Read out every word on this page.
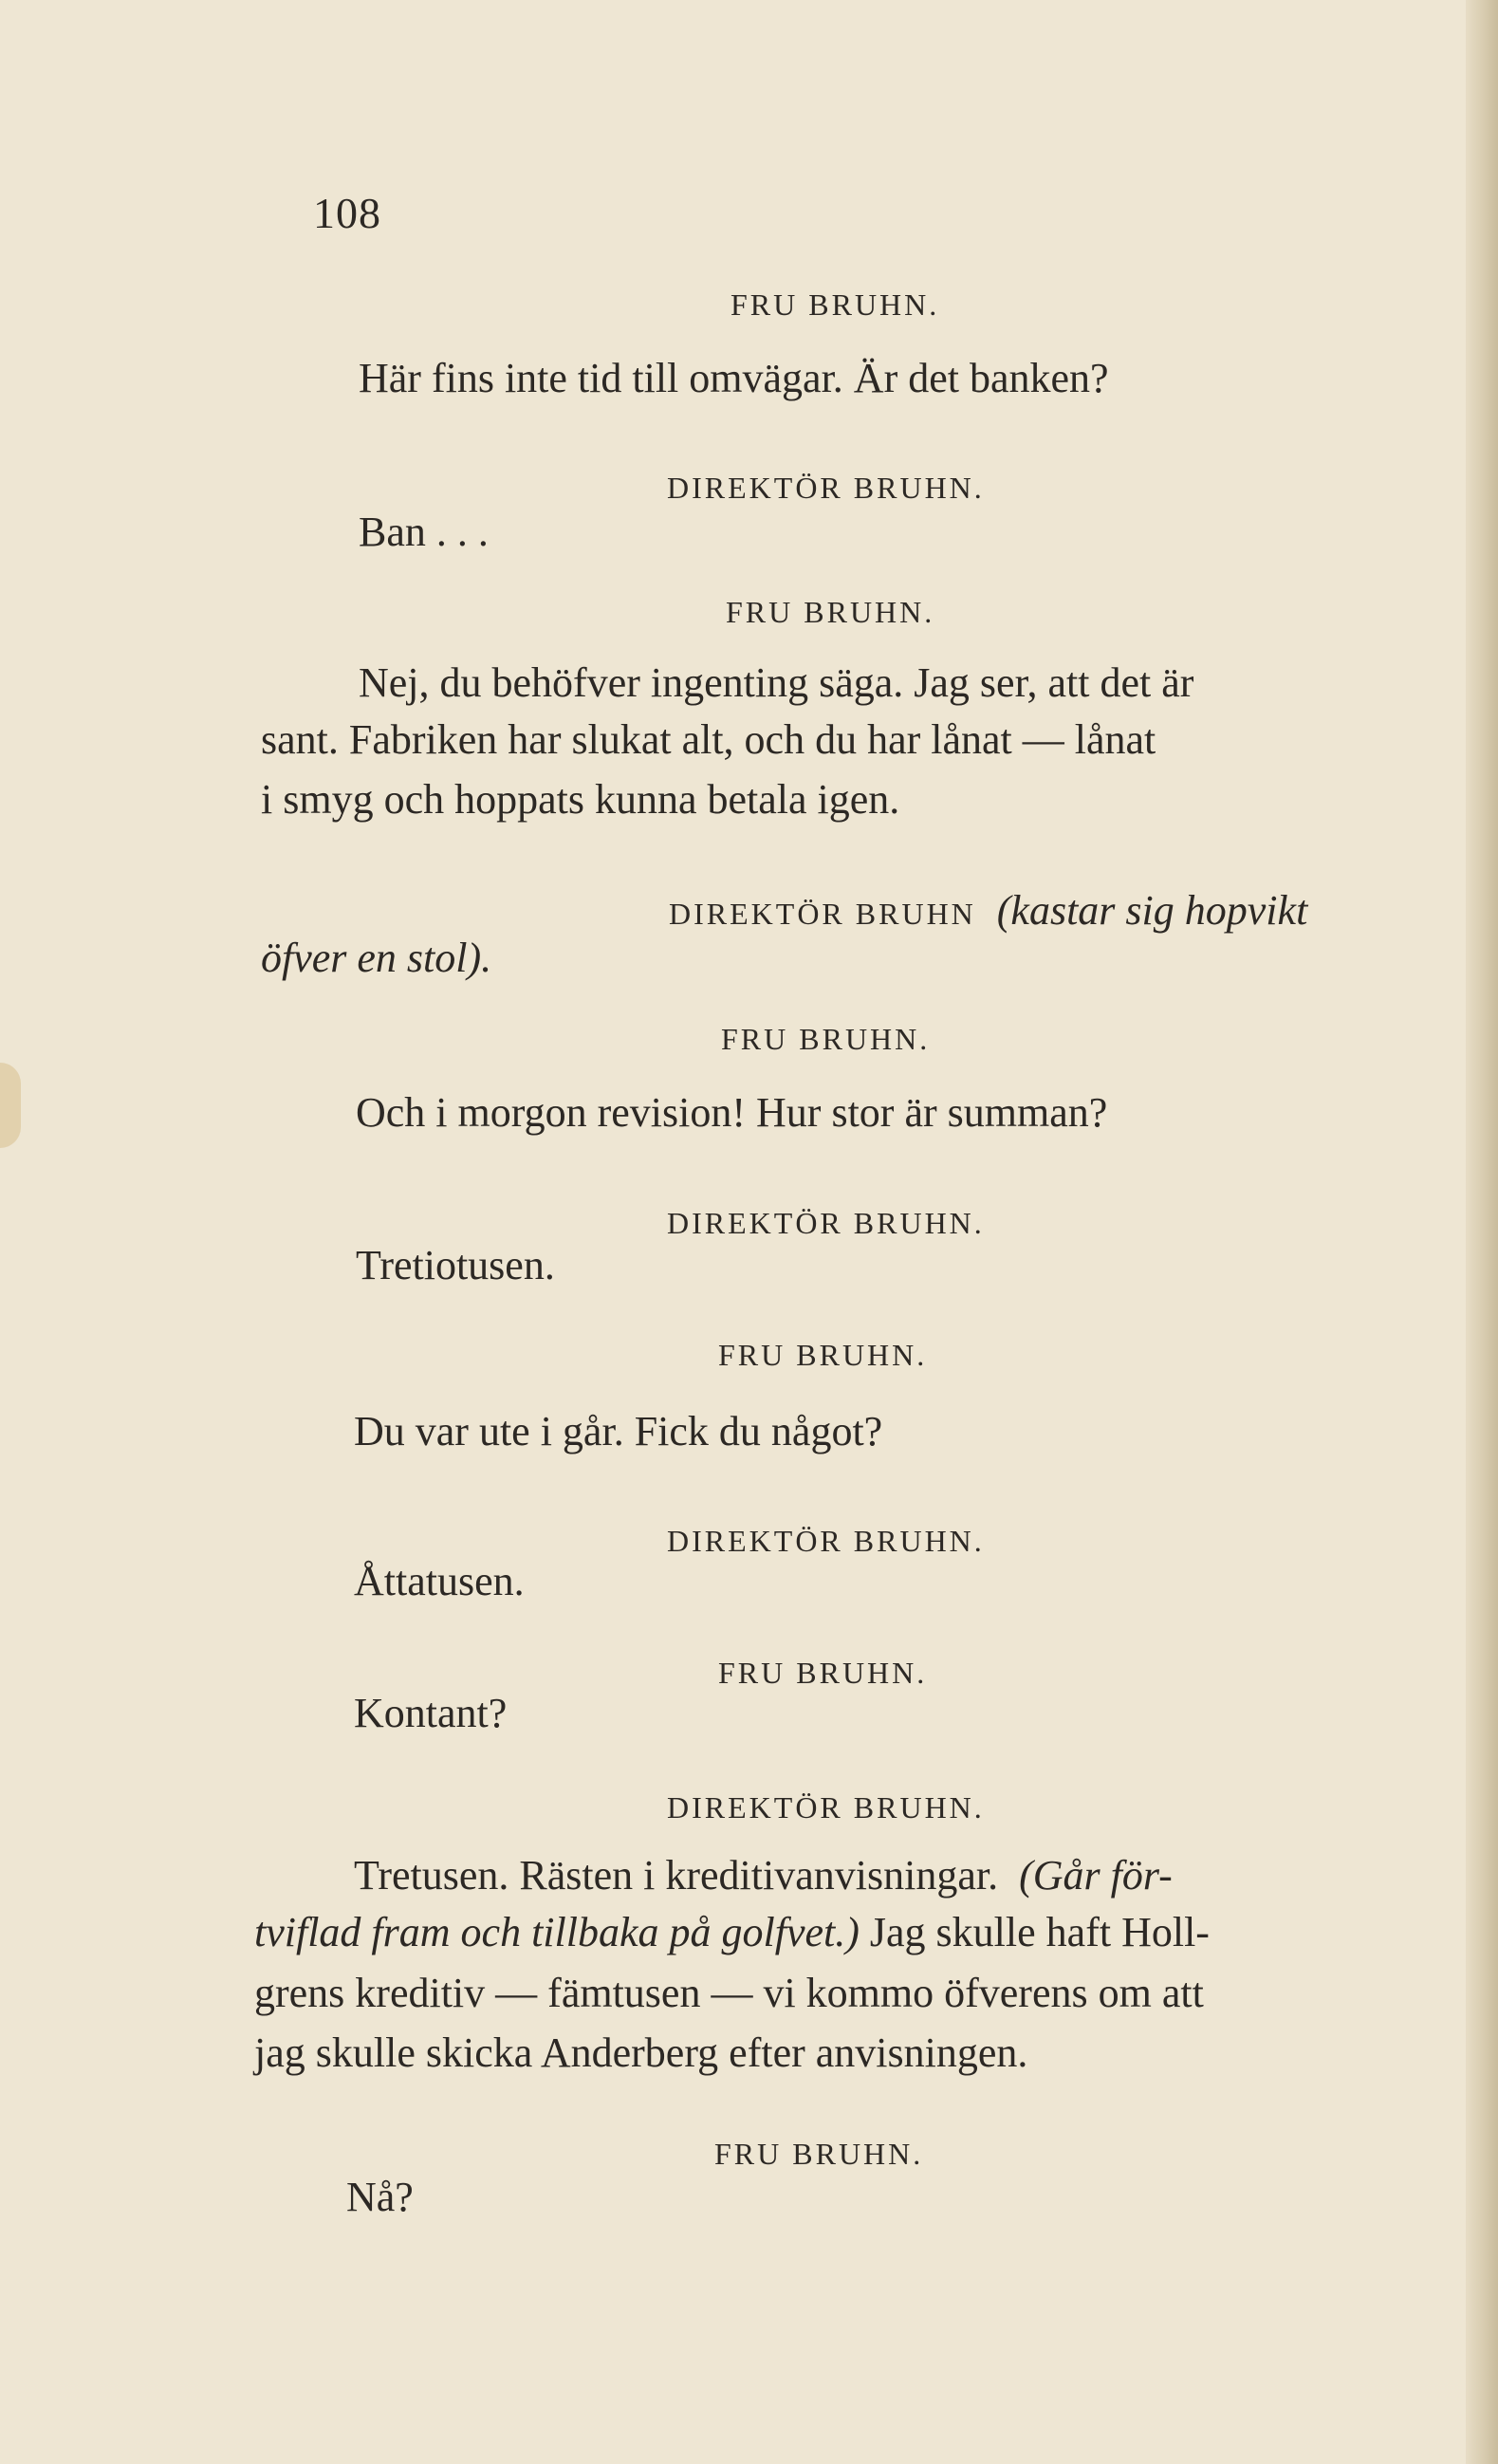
108
FRU BRUHN.
Här fins inte tid till omvägar. Är det banken?
DIREKTÖR BRUHN.
Ban . . .
FRU BRUHN.
Nej, du behöfver ingenting säga. Jag ser, att det är
sant. Fabriken har slukat alt, och du har lånat — lånat
i smyg och hoppats kunna betala igen.
DIREKTÖR BRUHN (kastar sig hopvikt
öfver en stol).
FRU BRUHN.
Och i morgon revision! Hur stor är summan?
DIREKTÖR BRUHN.
Tretiotusen.
FRU BRUHN.
Du var ute i går. Fick du något?
DIREKTÖR BRUHN.
Åttatusen.
FRU BRUHN.
Kontant?
DIREKTÖR BRUHN.
Tretusen. Rästen i kreditivanvisningar. (Går för-
tviflad fram och tillbaka på golfvet.) Jag skulle haft Holl-
grens kreditiv — fämtusen — vi kommo öfverens om att
jag skulle skicka Anderberg efter anvisningen.
FRU BRUHN.
Nå?
